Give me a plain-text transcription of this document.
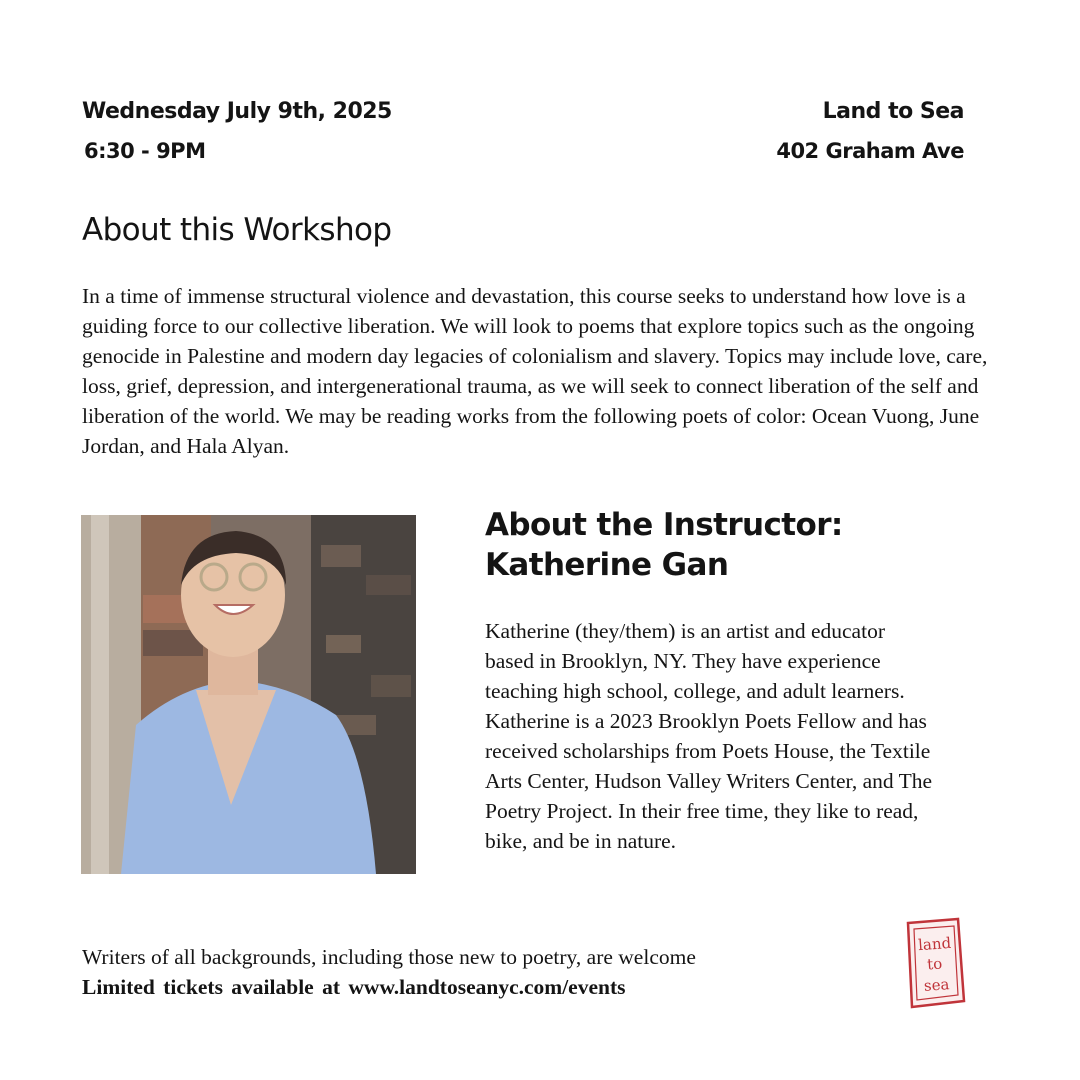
Wednesday July 9th, 2025
6:30 - 9PM
Land to Sea
402 Graham Ave
About this Workshop

In a time of immense structural violence and devastation, this course seeks to understand how love is a guiding force to our collective liberation. We will look to poems that explore topics such as the ongoing genocide in Palestine and modern day legacies of colonialism and slavery. Topics may include love, care, loss, grief, depression, and intergenerational trauma, as we will seek to connect liberation of the self and liberation of the world. We may be reading works from the following poets of color: Ocean Vuong, June Jordan, and Hala Alyan.

About the Instructor:
Katherine Gan

Katherine (they/them) is an artist and educator based in Brooklyn, NY. They have experience teaching high school, college, and adult learners. Katherine is a 2023 Brooklyn Poets Fellow and has received scholarships from Poets House, the Textile Arts Center, Hudson Valley Writers Center, and The Poetry Project. In their free time, they like to read, bike, and be in nature.

Writers of all backgrounds, including those new to poetry, are welcome

Limited tickets available at www.landtoseanyc.com/events

land
to
sea
